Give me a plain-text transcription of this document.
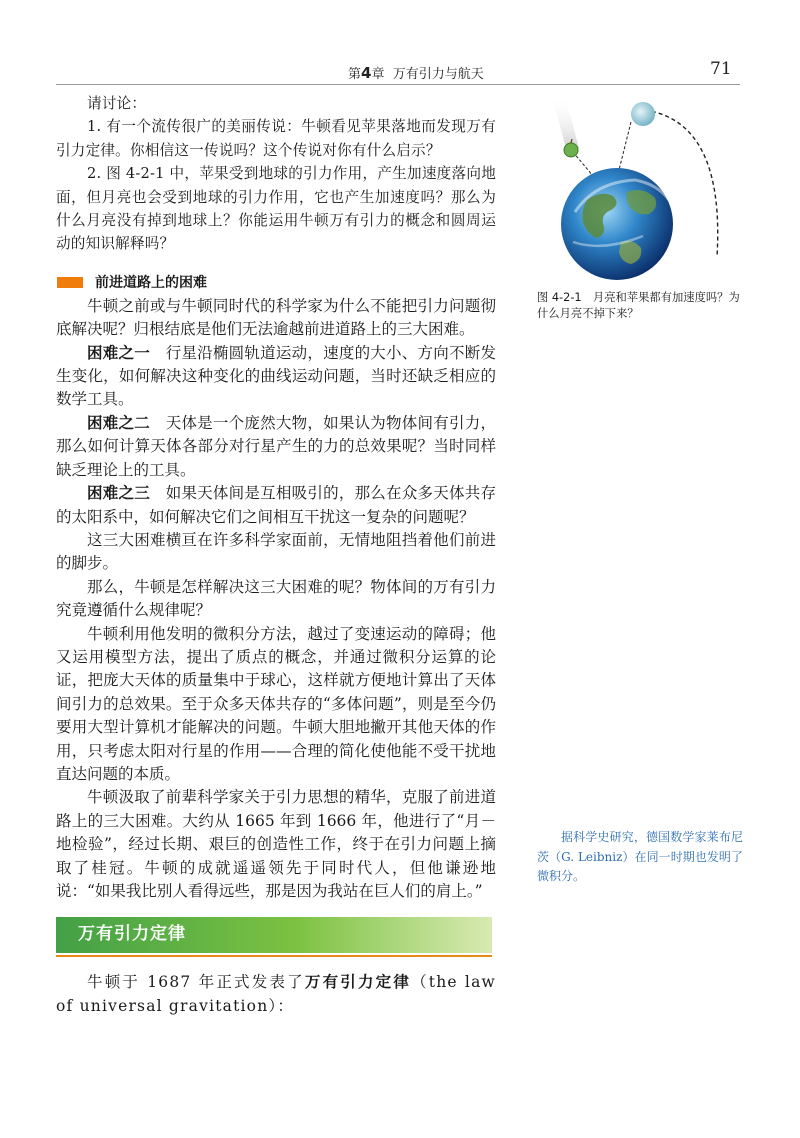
第4章 万有引力与航天	71

请讨论：

1. 有一个流传很广的美丽传说：牛顿看见苹果落地而发现万有引力定律。你相信这一传说吗？这个传说对你有什么启示？

2. 图 4-2-1 中，苹果受到地球的引力作用，产生加速度落向地面，但月亮也会受到地球的引力作用，它也产生加速度吗？那么为什么月亮没有掉到地球上？你能运用牛顿万有引力的概念和圆周运动的知识解释吗？

前进道路上的困难

牛顿之前或与牛顿同时代的科学家为什么不能把引力问题彻底解决呢？归根结底是他们无法逾越前进道路上的三大困难。

困难之一　行星沿椭圆轨道运动，速度的大小、方向不断发生变化，如何解决这种变化的曲线运动问题，当时还缺乏相应的数学工具。

困难之二　天体是一个庞然大物，如果认为物体间有引力，那么如何计算天体各部分对行星产生的力的总效果呢？当时同样缺乏理论上的工具。

困难之三　如果天体间是互相吸引的，那么在众多天体共存的太阳系中，如何解决它们之间相互干扰这一复杂的问题呢？

这三大困难横亘在许多科学家面前，无情地阻挡着他们前进的脚步。

那么，牛顿是怎样解决这三大困难的呢？物体间的万有引力究竟遵循什么规律呢？

牛顿利用他发明的微积分方法，越过了变速运动的障碍；他又运用模型方法，提出了质点的概念，并通过微积分运算的论证，把庞大天体的质量集中于球心，这样就方便地计算出了天体间引力的总效果。至于众多天体共存的“多体问题”，则是至今仍要用大型计算机才能解决的问题。牛顿大胆地撇开其他天体的作用，只考虑太阳对行星的作用——合理的简化使他能不受干扰地直达问题的本质。

牛顿汲取了前辈科学家关于引力思想的精华，克服了前进道路上的三大困难。大约从 1665 年到 1666 年，他进行了“月－地检验”，经过长期、艰巨的创造性工作，终于在引力问题上摘取了桂冠。牛顿的成就遥遥领先于同时代人，但他谦逊地说：“如果我比别人看得远些，那是因为我站在巨人们的肩上。”

万有引力定律

牛顿于 1687 年正式发表了万有引力定律（the law of universal gravitation）：

图 4-2-1　月亮和苹果都有加速度吗？为什么月亮不掉下来？
据科学史研究，德国数学家莱布尼茨（G. Leibniz）在同一时期也发明了微积分。
